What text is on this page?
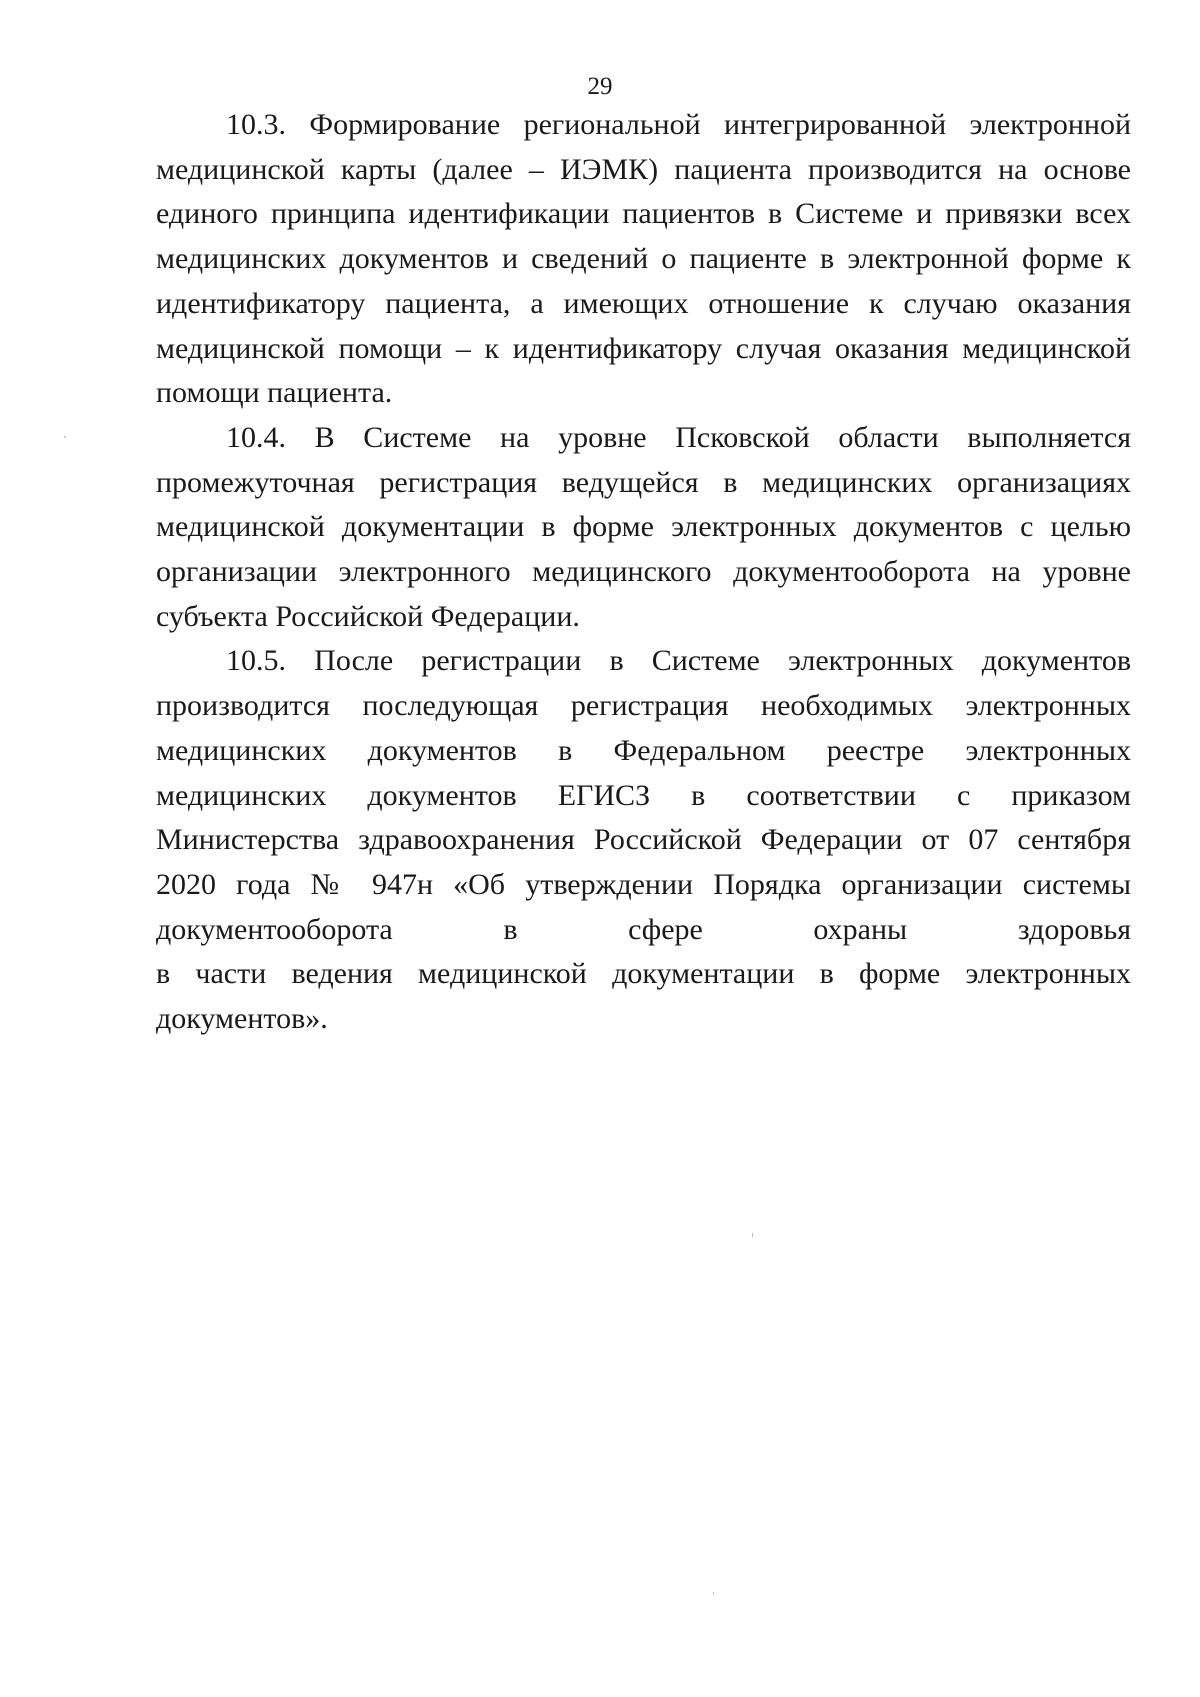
29

10.3. Формирование региональной интегрированной электронной медицинской карты (далее – ИЭМК) пациента производится на основе единого принципа идентификации пациентов в Системе и привязки всех медицинских документов и сведений о пациенте в электронной форме к идентификатору пациента, а имеющих отношение к случаю оказания медицинской помощи – к идентификатору случая оказания медицинской помощи пациента.

10.4. В Системе на уровне Псковской области выполняется промежуточная регистрация ведущейся в медицинских организациях медицинской документации в форме электронных документов с целью организации электронного медицинского документооборота на уровне субъекта Российской Федерации.

10.5. После регистрации в Системе электронных документов
производится последующая регистрация необходимых электронных
медицинских документов в Федеральном реестре электронных
медицинских документов ЕГИСЗ в соответствии с приказом
Министерства здравоохранения Российской Федерации от 07 сентября
2020 года № 947н «Об утверждении Порядка организации системы
документооборота в сфере охраны здоровья
в части ведения медицинской документации в форме электронных
документов».
